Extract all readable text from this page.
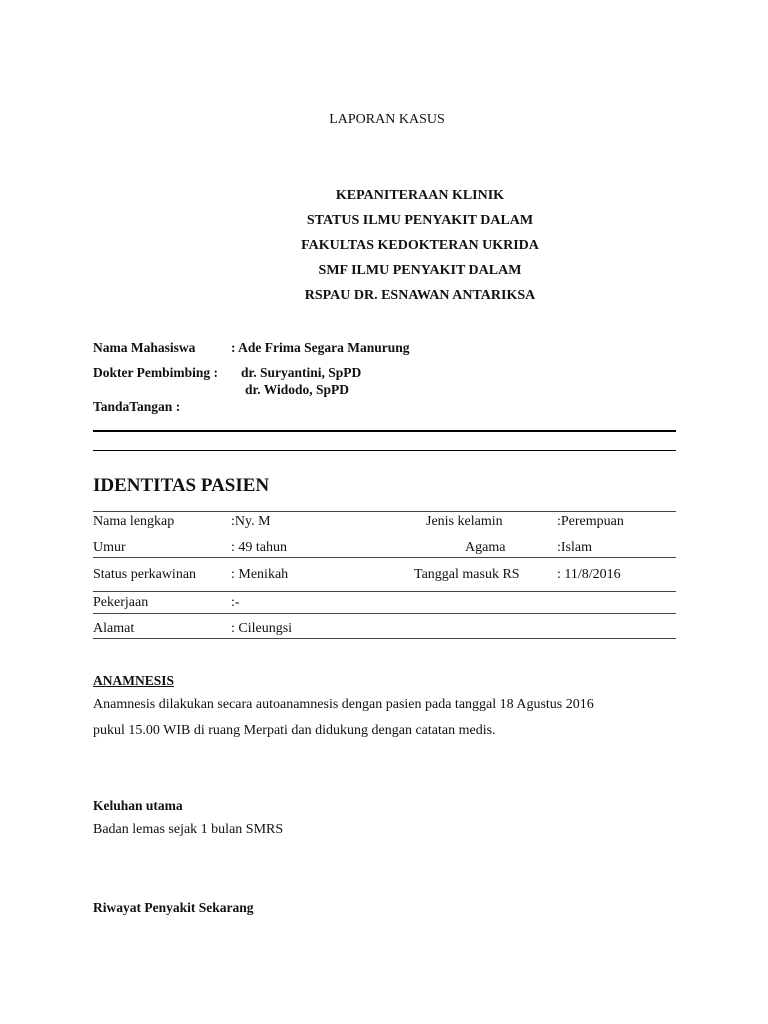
LAPORAN KASUS
KEPANITERAAN KLINIK
STATUS ILMU PENYAKIT DALAM
FAKULTAS KEDOKTERAN UKRIDA
SMF ILMU PENYAKIT DALAM
RSPAU DR. ESNAWAN ANTARIKSA
Nama Mahasiswa	: Ade Frima Segara Manurung
Dokter Pembimbing : dr. Suryantini, SpPD
dr. Widodo, SpPD
TandaTangan :
IDENTITAS PASIEN
Nama lengkap	:Ny. M	Jenis kelamin	:Perempuan
Umur	: 49 tahun	Agama	:Islam
Status perkawinan : Menikah	Tanggal masuk RS	: 11/8/2016
Pekerjaan	:-
Alamat	: Cileungsi
ANAMNESIS
Anamnesis dilakukan secara autoanamnesis dengan pasien pada tanggal 18 Agustus 2016
pukul 15.00 WIB di ruang Merpati dan didukung dengan catatan medis.
Keluhan utama
Badan lemas sejak 1 bulan SMRS
Riwayat Penyakit Sekarang
